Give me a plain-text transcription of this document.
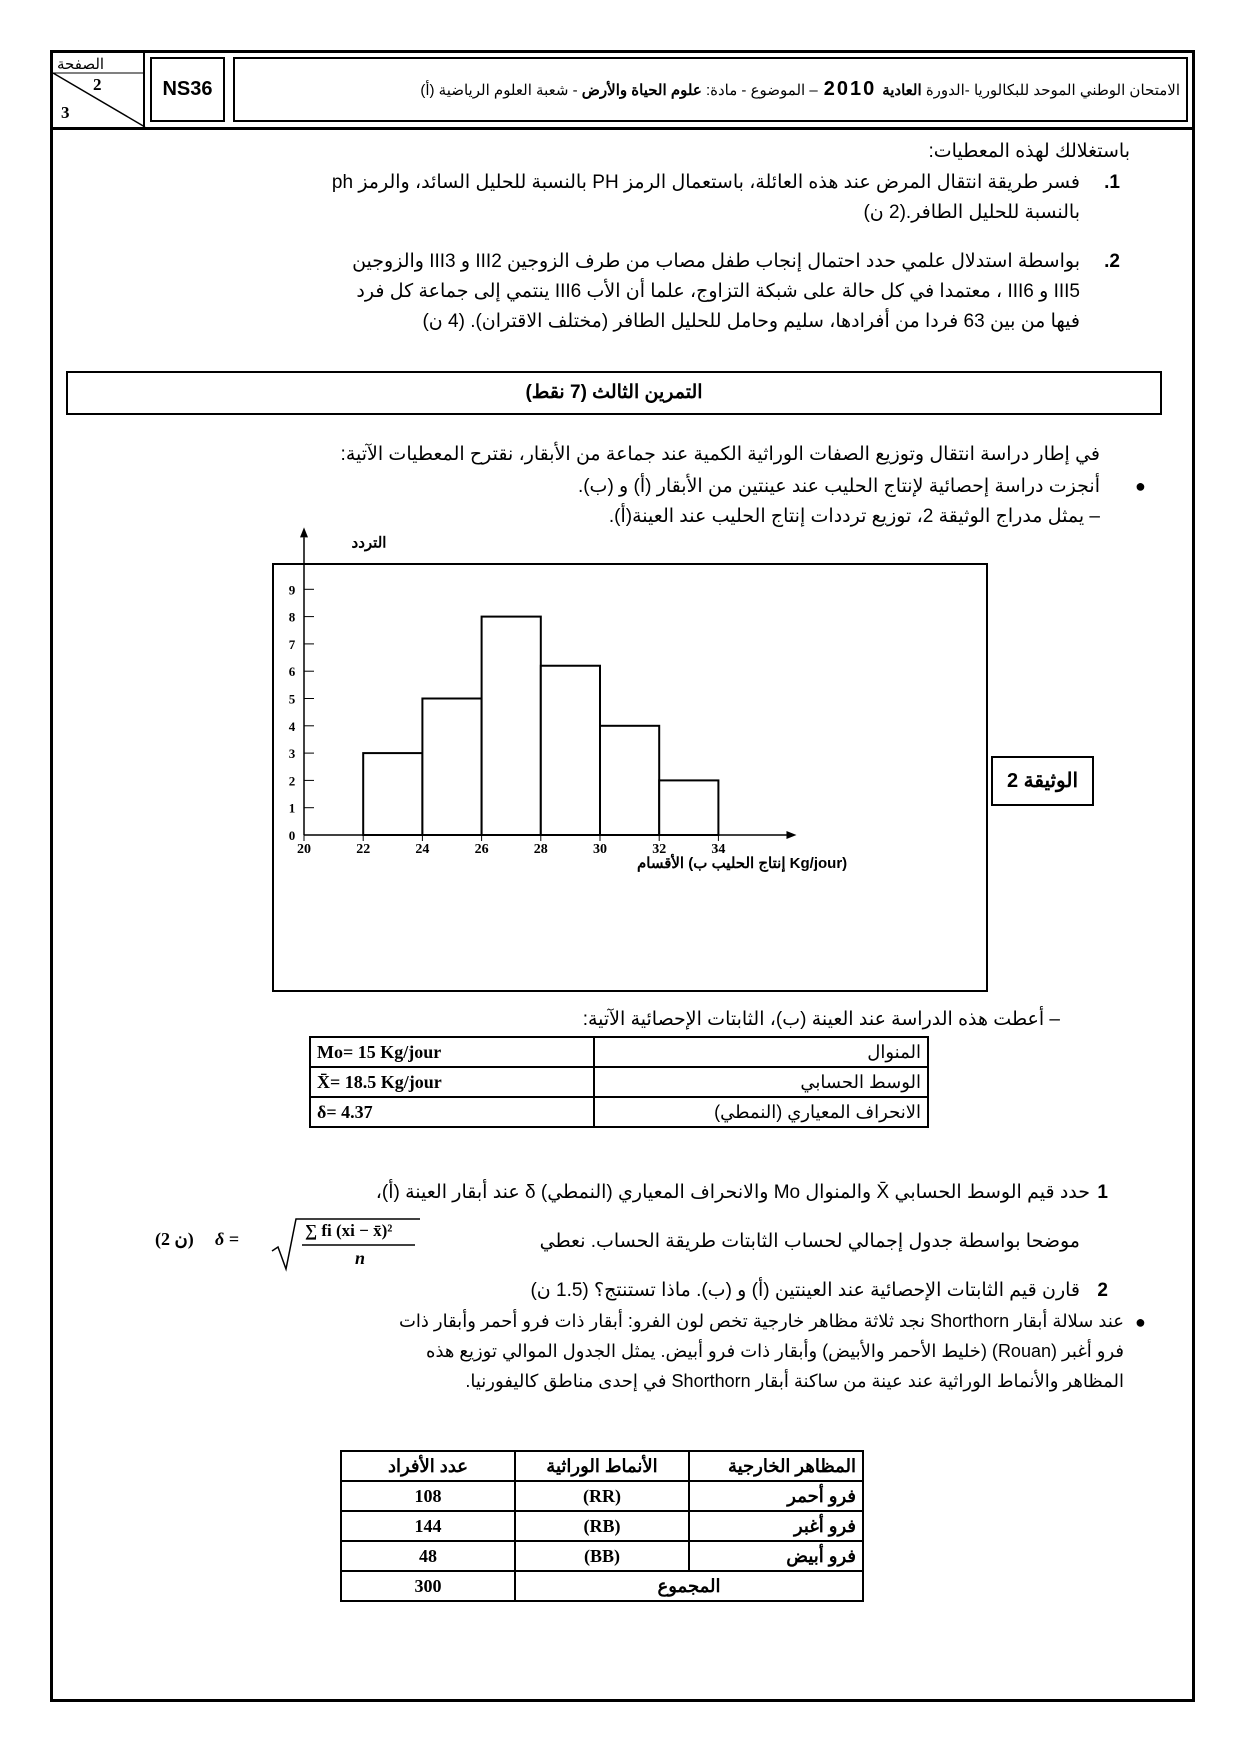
الصفحة
2
3
NS36	الامتحان الوطني الموحد للبكالوريا -الدورة

العادية
2010
– الموضوع - مادة:

علوم الحياة والأرض

- شعبة العلوم الرياضية (أ)
باستغلالك لهذه المعطيات:
فسر طريقة انتقال المرض عند هذه العائلة، باستعمال الرمز PH بالنسبة للحليل السائد، والرمز ph
بالنسبة للحليل الطافر.(2 ن)
1.
بواسطة استدلال علمي حدد احتمال إنجاب طفل مصاب من طرف الزوجين III2 و III3 والزوجين
III5 و III6 ، معتمدا في كل حالة على شبكة التزاوج، علما أن الأب III6 ينتمي إلى جماعة كل فرد
فيها من بين 63 فردا من أفرادها، سليم وحامل للحليل الطافر (مختلف الاقتران). (4 ن)
2.
التمرين الثالث (7 نقط)
في إطار دراسة انتقال وتوزيع الصفات الوراثية الكمية عند جماعة من الأبقار، نقترح المعطيات الآتية:
أنجزت دراسة إحصائية لإنتاج الحليب عند عينتين من الأبقار (أ) و (ب). ●
– يمثل مدراج الوثيقة 2، توزيع ترددات إنتاج الحليب عند العينة(أ).
0
1
2
3
4
5
6
7
8
9
20	22	24	26	28	30	32	34
التردد
الأقسام (إنتاج الحليب ب Kg/jour)
الوثيقة 2
– أعطت هذه الدراسة عند العينة (ب)، الثابتات الإحصائية الآتية:
Mo= 15 Kg/jour	المنوال
X̄= 18.5 Kg/jour	الوسط الحسابي
δ= 4.37	الانحراف المعياري (النمطي)
حدد قيم الوسط الحسابي X̄ والمنوال Mo والانحراف المعياري (النمطي) δ عند أبقار العينة (أ)، 1
موضحا بواسطة جدول إجمالي لحساب الثابتات طريقة الحساب. نعطي
(2 ن) δ =	∑ fi (xi − x̄)²
n
قارن قيم الثابتات الإحصائية عند العينتين (أ) و (ب). ماذا تستنتج؟ (1.5 ن) 2
●
عند سلالة أبقار Shorthorn نجد ثلاثة مظاهر خارجية تخص لون الفرو: أبقار ذات فرو أحمر وأبقار ذات
فرو أغبر (Rouan) (خليط الأحمر والأبيض) وأبقار ذات فرو أبيض. يمثل الجدول الموالي توزيع هذه
المظاهر والأنماط الوراثية عند عينة من ساكنة أبقار Shorthorn في إحدى مناطق كاليفورنيا.
عدد الأفراد	الأنماط الوراثية	المظاهر الخارجية
108	(RR)	فرو أحمر
144	(RB)	فرو أغبر
48	(BB)	فرو أبيض
300	المجموع	
